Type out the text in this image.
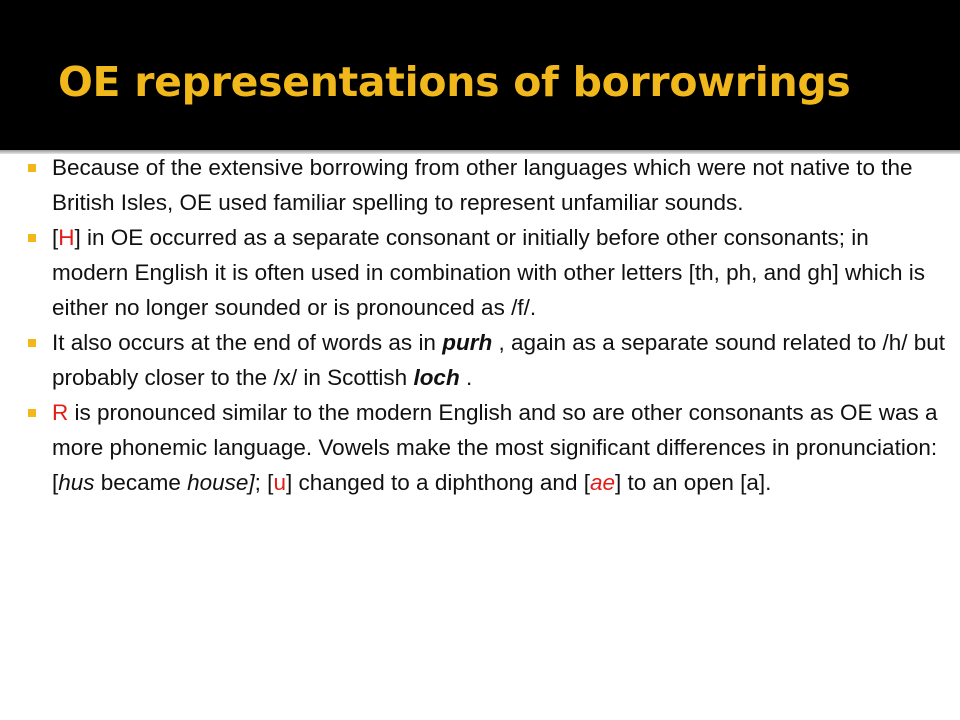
OE representations of borrowrings
Because of the extensive borrowing from other languages which were not native to the British Isles, OE used familiar spelling to represent unfamiliar sounds.
[H] in OE occurred as a separate consonant or initially before other consonants; in modern English it is often used in combination with other letters [th, ph, and gh] which is either no longer sounded or is pronounced as /f/.
It also occurs at the end of words as in purh , again as a separate sound related to /h/ but probably closer to the /x/ in Scottish loch .
R is pronounced similar to the modern English and so are other consonants as OE was a more phonemic language. Vowels make the most significant differences in pronunciation: [hus became house]; [u] changed to a diphthong and [ae] to an open [a].
